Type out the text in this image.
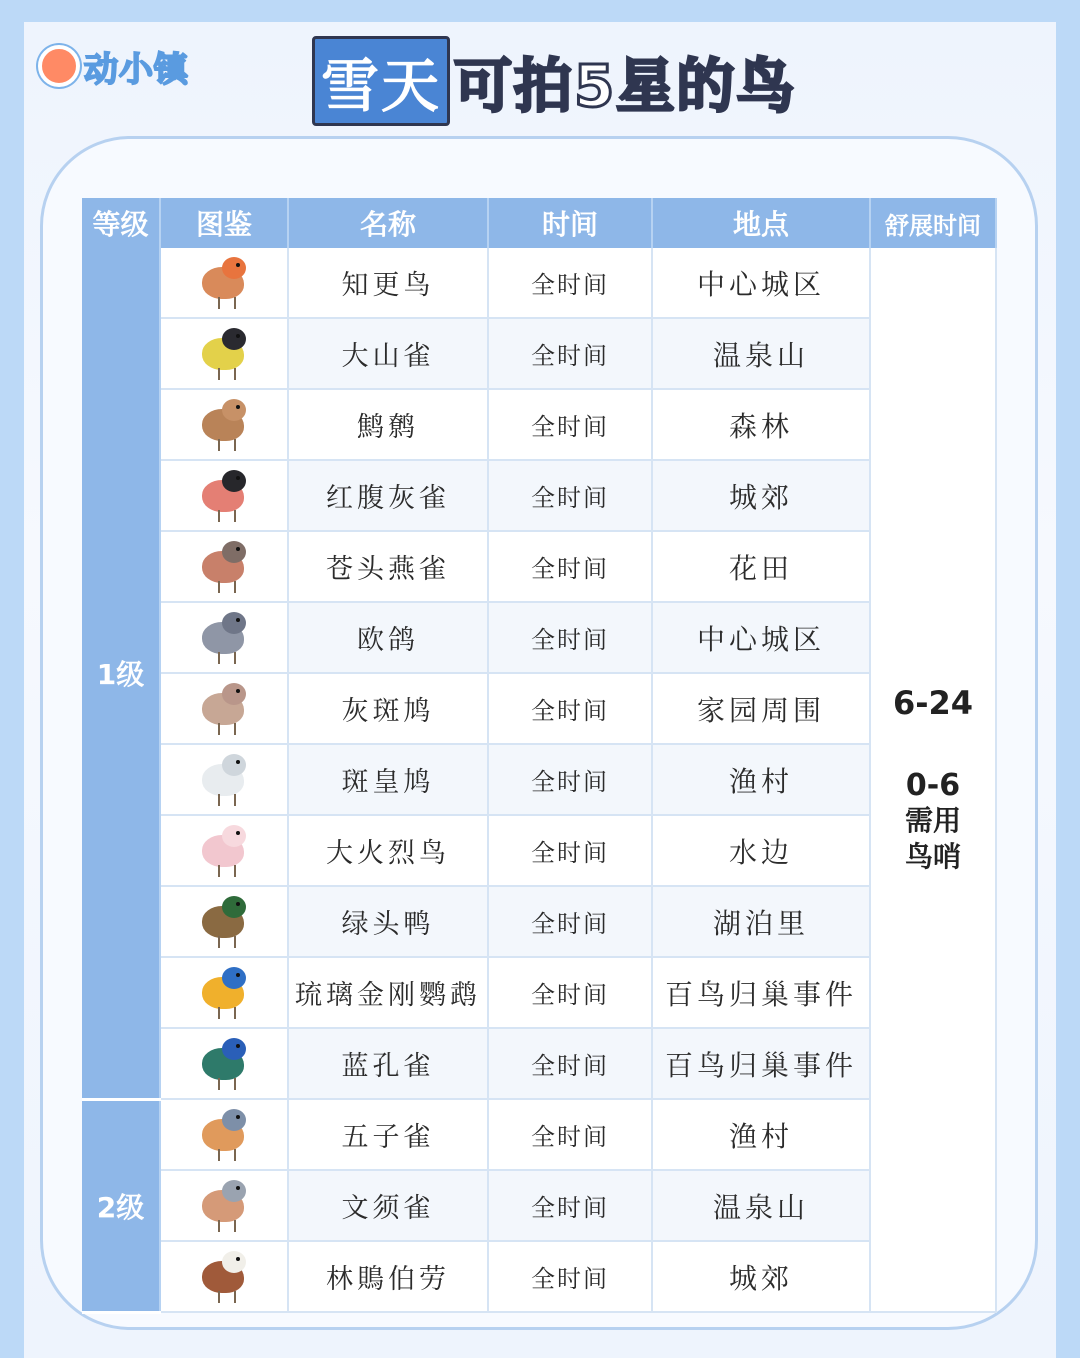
动小镇 雪天 可拍5星的鸟
等级	图鉴	名称	时间	地点	舒展时间
1级		知更鸟	全时间	中心城区	6-24
0-6
需用鸟哨

		大山雀	全时间	温泉山	

		鹪鹩	全时间	森林	

		红腹灰雀	全时间	城郊	

		苍头燕雀	全时间	花田	

		欧鸽	全时间	中心城区	

		灰斑鸠	全时间	家园周围	

		斑皇鸠	全时间	渔村	

		大火烈鸟	全时间	水边	

		绿头鸭	全时间	湖泊里	

		琉璃金刚鹦鹉	全时间	百鸟归巢事件	

		蓝孔雀	全时间	百鸟归巢事件	
2级		五子雀	全时间	渔村	

		文须雀	全时间	温泉山	

		林鵙伯劳	全时间	城郊	
